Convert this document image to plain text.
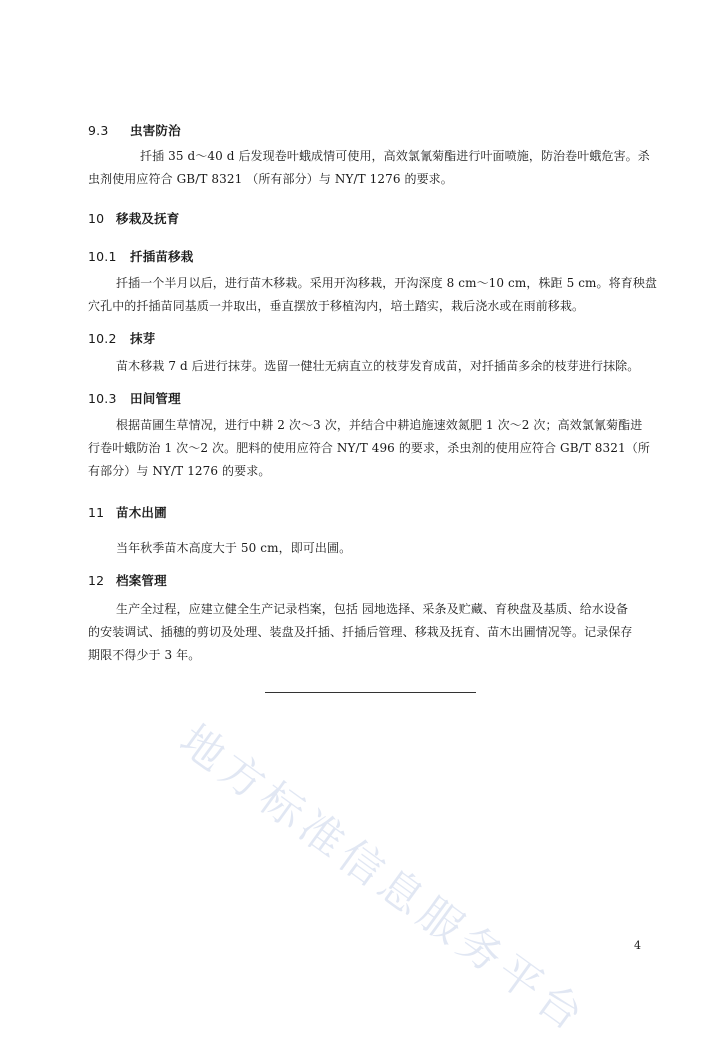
9.3 虫害防治
扦插 35 d～40 d 后发现卷叶蛾成情可使用，高效氯氰菊酯进行叶面喷施，防治卷叶蛾危害。杀
虫剂使用应符合 GB/T 8321 （所有部分）与 NY/T 1276 的要求。
10 移栽及抚育
10.1 扦插苗移栽
扦插一个半月以后，进行苗木移栽。采用开沟移栽，开沟深度 8 cm～10 cm，株距 5 cm。将育秧盘
穴孔中的扦插苗同基质一并取出，垂直摆放于移植沟内，培土踏实，栽后浇水或在雨前移栽。
10.2 抹芽
苗木移栽 7 d 后进行抹芽。选留一健壮无病直立的枝芽发育成苗，对扦插苗多余的枝芽进行抹除。
10.3 田间管理
根据苗圃生草情况，进行中耕 2 次～3 次，并结合中耕追施速效氮肥 1 次～2 次；高效氯氰菊酯进
行卷叶蛾防治 1 次～2 次。肥料的使用应符合 NY/T 496 的要求，杀虫剂的使用应符合 GB/T 8321（所
有部分）与 NY/T 1276 的要求。
11 苗木出圃
当年秋季苗木高度大于 50 cm，即可出圃。
12 档案管理
生产全过程，应建立健全生产记录档案，包括 园地选择、采条及贮藏、育秧盘及基质、给水设备
的安装调试、插穗的剪切及处理、装盘及扦插、扦插后管理、移栽及抚育、苗木出圃情况等。记录保存
期限不得少于 3 年。
地方标准信息服务平台	4
